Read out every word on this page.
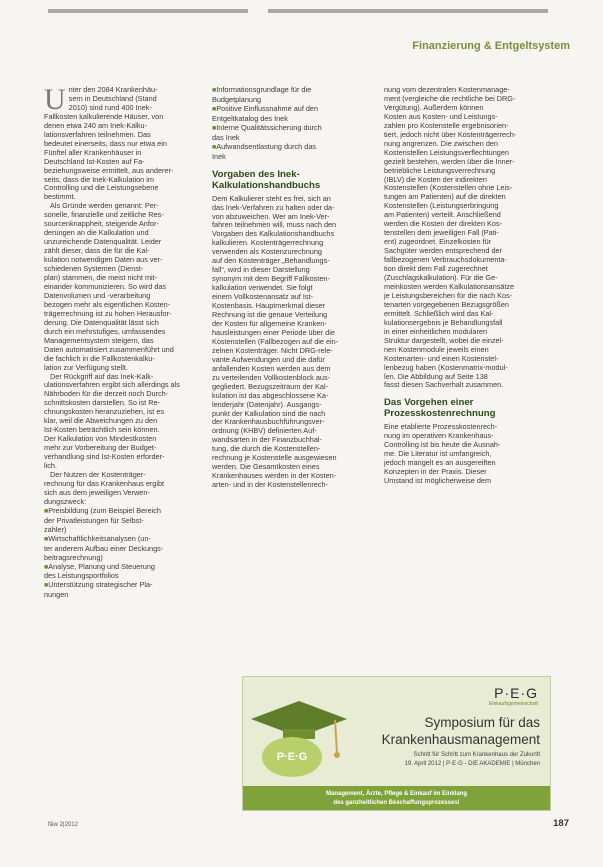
Finanzierung & Entgeltsystem

Unter den 2084 Krankenhäu-
sern in Deutschland (Stand
2010) sind rund 400 Inek-
Fallkosten kalkulierende Häuser, von
denen etwa 240 am Inek-Kalku-
lationsverfahren teilnehmen. Das
bedeutet einerseits, dass nur etwa ein
Fünftel aller Krankenhäuser in
Deutschland Ist-Kosten auf Fa-
beziehungsweise ermittelt, aus anderer-
seits, dass die Inek-Kalkulation im
Controlling und die Leistungsebene
bestimmt.

Als Gründe werden genannt: Per-
sonelle, finanzielle und zeitliche Res-
sourcenknappheit, steigende Anfor-
derungen an die Kalkulation und
unzureichende Datenqualität. Leider
zählt dieser, dass die für die Kal-
kulation notwendigen Daten aus ver-
schiedenen Systemen (Dienst-
plan) stammen, die meist nicht mit-
einander kommunizieren. So wird das
Datenvolumen und -verarbeitung
bezogen mehr als eigentlichen Kosten-
trägerrechnung ist zu hohen Herausfor-
derung. Die Datenqualität lässt sich
durch ein mehrstufiges, umfassendes
Managementsystem steigern, das
Daten automatisiert zusammenführt und
die fachlich in die Fallkostenkalku-
lation zur Verfügung stellt.

Der Rückgriff auf das Inek-Kalk-
ulationsverfahren ergibt sich allerdings als
Nährboden für die derzeit noch Durch-
schnittskosten darstellen. So ist Re-
chnungskosten heranzuziehen, ist es
klar, weil die Abweichungen zu den
Ist-Kosten beträchtlich sein können.
Der Kalkulation von Mindestkosten
mehr zur Vorbereitung der Budget-
verhandlung sind Ist-Kosten erforder-
lich.

Der Nutzen der Kostenträger-
rechnung für das Krankenhaus ergibt
sich aus dem jeweiligen Verwen-
dungszweck:

■ Preisbildung (zum Beispiel Bereich
der Privatleistungen für Selbst-
zahler)

■ Wirtschaftlichkeitsanalysen (un-
ter anderem Aufbau einer Deckungs-
beitragsrechnung)

■ Analyse, Planung und Steuerung
des Leistungsportfolios

■ Unterstützung strategischer Pla-
nungen

■ Informationsgrundlage für die
Budgetplanung

■ Positive Einflussnahme auf den
Entgeltkatalog des Inek

■ Interne Qualitätssicherung durch
das Inek

■ Aufwandsentlastung durch das
Inek

Vorgaben des Inek-
Kalkulationshandbuchs

Dem Kalkulierer steht es frei, sich an
das Inek-Verfahren zu halten oder da-
von abzuweichen. Wer am Inek-Ver-
fahren teilnehmen will, muss nach den
Vorgaben des Kalkulationshandbuchs
kalkulieren. Kostenträgerrechnung
verwenden als Kostenzurechnung
auf den Kostenträger „Behandlungs-
fall“, wird in dieser Darstellung
synonym mit dem Begriff Fallkosten-
kalkulation verwendet. Sie folgt
einem Vollkostenansatz auf Ist-
Kostenbasis. Hauptmerkmal dieser
Rechnung ist die genaue Verteilung
der Kosten für allgemeine Kranken-
hausleistungen einer Periode über die
Kostenstellen (Fallbezogen auf die ein-
zelnen Kostenträger. Nicht DRG-rele-
vante Aufwendungen und die dafür
anfallenden Kosten werden aus dem
zu verteilenden Vollkostenblock aus-
gegliedert. Bezugszeitraum der Kal-
kulation ist das abgeschlossene Ka-
lenderjahr (Datenjahr). Ausgangs-
punkt der Kalkulation sind die nach
der Krankenhausbuchführungsver-
ordnung (KHBV) definierten Auf-
wandsarten in der Finanzbuchhal-
tung, die durch die Kostenstellen-
rechnung je Kostenstelle ausgewiesen
werden. Die Gesamtkosten eines
Krankenhauses werden in der Kosten-
arten- und in der Kostenstellenrech-

nung vom dezentralen Kostenmanage-
ment (vergleiche die rechtliche bei DRG-
Vergütung). Außerdem können
Kosten aus Kosten- und Leistungs-
zahlen pro Kostenstelle ergebnisorien-
tiert, jedoch nicht über Kostenträgerrech-
nung angrenzen. Die zwischen den
Kostenstellen Leistungsverflechtungen
gezielt bestehen, werden über die Inner-
betriebliche Leistungsverrechnung
(IBLV) die Kosten der indirekten
Kostenstellen (Kostenstellen ohne Leis-
tungen am Patienten) auf die direkten
Kostenstellen (Leistungserbringung
am Patienten) verteilt. Anschließend
werden die Kosten der direkten Kos-
tenstellen dem jeweiligen Fall (Pati-
ent) zugeordnet. Einzelkosten für
Sachgüter werden entsprechend der
fallbezogenen Verbrauchsdokumenta-
tion direkt dem Fall zugerechnet
(Zuschlagskalkulation). Für die Ge-
meinkosten werden Kalkulationsansätze
je Leistungsbereichen für die nach Kos-
tenarten vorgegebenen Bezugsgrößen
ermittelt. Schließlich wird das Kal-
kulationsergebnis je Behandlungsfall
in einer einheitlichen modularen
Struktur dargestellt, wobei die einzel-
nen Kostenmodule jeweils einen
Kostenarten- und einen Kostenstel-
lenbezug haben (Kostenmatrix-modul-
len. Die Abbildung auf Seite 138
fasst diesen Sachverhalt zusammen.

Das Vorgehen einer
Prozesskostenrechnung

Eine etablierte Prozesskostenrech-
nung im operativen Krankenhaus-
Controlling ist bis heute die Ausnah-
me. Die Literatur ist umfangreich,
jedoch mangelt es an ausgereiften
Konzepten in der Praxis. Dieser
Umstand ist möglicherweise dem

P·E·G
P·E·G
Einkaufsgemeinschaft
Symposium für das
Krankenhausmanagement
Schritt für Schritt zum Krankenhaus der Zukunft
19. April 2012 | P·E·G - DIE AKADEMIE | München
Management, Ärzte, Pflege & Einkauf im Einklang
des ganzheitlichen Beschaffungsprozesses!
f&w 2|2012	187
